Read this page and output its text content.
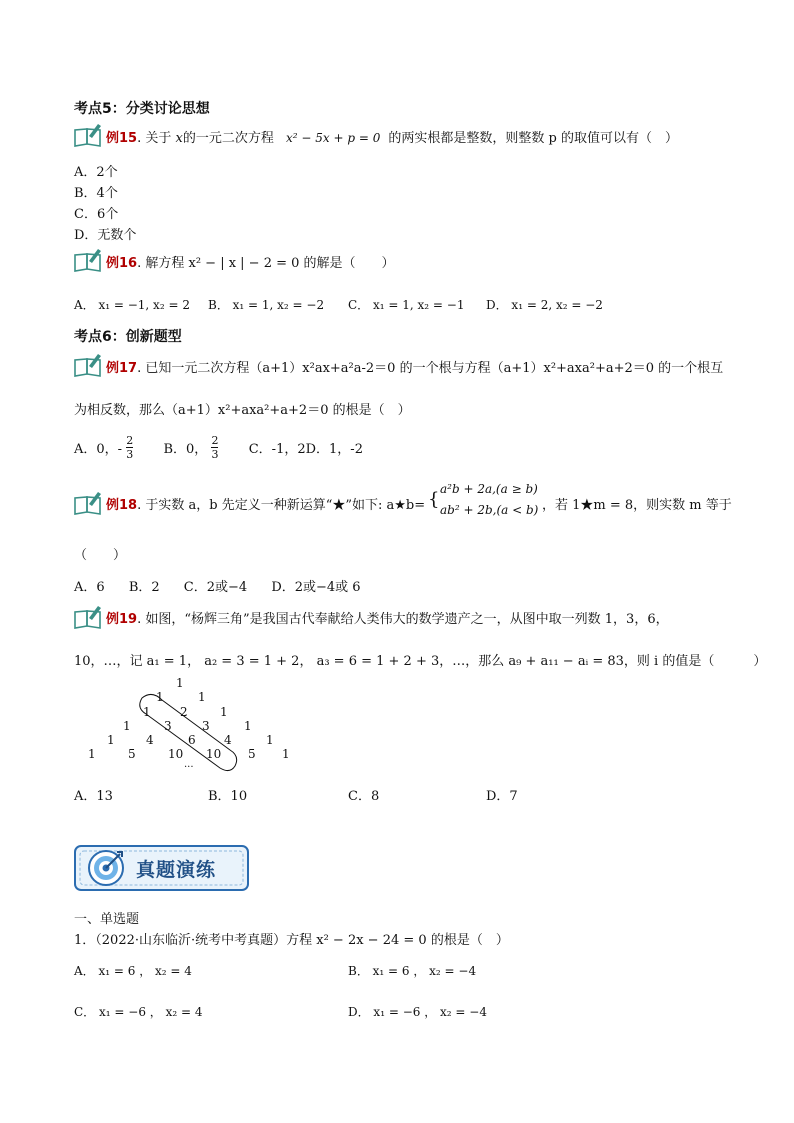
考点5：分类讨论思想
例15. 关于 x的一元二次方程 x² − 5x + p = 0 的两实根都是整数，则整数 p 的取值可以有（　）
A．2个
B．4个
C．6个
D．无数个
例16. 解方程 x² − | x | − 2 = 0 的解是（　　）
A． x₁ = −1, x₂ = 2 B． x₁ = 1, x₂ = −2 C． x₁ = 1, x₂ = −1 D． x₁ = 2, x₂ = −2
考点6：创新题型
例17. 已知一元二次方程（a+1）x²ax+a²a-2＝0 的一个根与方程（a+1）x²+axa²+a+2＝0 的一个根互
为相反数，那么（a+1）x²+axa²+a+2＝0 的根是（　）
A．0，- $\frac{2}{3}$ B．0， $\frac{2}{3}$ C．-1，2D．1，-2
例18. 于实数 a，b 先定义一种新运算“★”如下: a★b= { a²b + 2a,(a ≥ b)
ab² + 2b,(a < b) ，若 1★m = 8，则实数 m 等于
（　　）
A．6 B．2 C．2或−4 D．2或−4或 6
例19. 如图，“杨辉三角”是我国古代奉献给人类伟大的数学遗产之一，从图中取一列数 1，3，6，
10，…，记 a₁ = 1， a₂ = 3 = 1 + 2， a₃ = 6 = 1 + 2 + 3，…，那么 a₉ + a₁₁ − aᵢ = 83，则 i 的值是（　　　）
1
1	1
1 2	1
1	3	3	1
1	4	6 4	1
1	5	10 10 5 1
...
A．13	B．10	C．8	D．7
真题演练
一、单选题
1．（2022·山东临沂·统考中考真题）方程 x² − 2x − 24 = 0 的根是（　）
A． x₁ = 6 ， x₂ = 4	B． x₁ = 6 ， x₂ = −4
C． x₁ = −6 ， x₂ = 4	D． x₁ = −6 ， x₂ = −4
